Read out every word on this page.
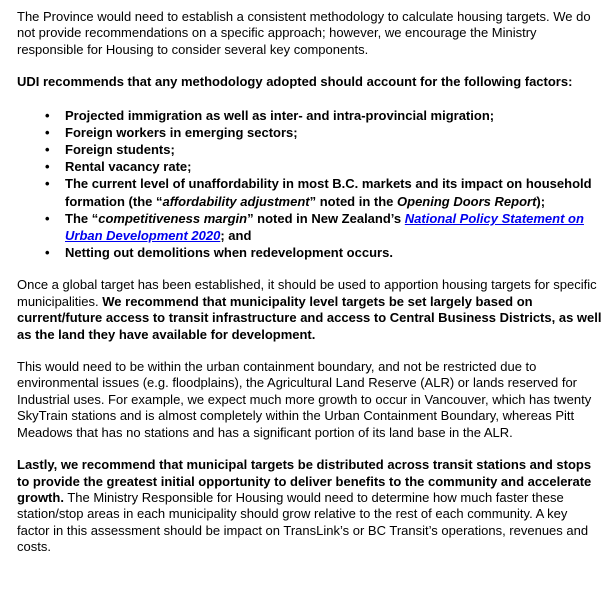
The Province would need to establish a consistent methodology to calculate housing targets. We do not provide recommendations on a specific approach; however, we encourage the Ministry responsible for Housing to consider several key components.

UDI recommends that any methodology adopted should account for the following factors:

•	Projected immigration as well as inter- and intra-provincial migration;
•	Foreign workers in emerging sectors;
•	Foreign students;
•	Rental vacancy rate;
•	The current level of unaffordability in most B.C. markets and its impact on household formation (the “affordability adjustment” noted in the Opening Doors Report);
•	The “competitiveness margin” noted in New Zealand’s National Policy Statement on Urban Development 2020; and
•	Netting out demolitions when redevelopment occurs.

Once a global target has been established, it should be used to apportion housing targets for specific municipalities. We recommend that municipality level targets be set largely based on current/future access to transit infrastructure and access to Central Business Districts, as well as the land they have available for development.

This would need to be within the urban containment boundary, and not be restricted due to environmental issues (e.g. floodplains), the Agricultural Land Reserve (ALR) or lands reserved for Industrial uses. For example, we expect much more growth to occur in Vancouver, which has twenty SkyTrain stations and is almost completely within the Urban Containment Boundary, whereas Pitt Meadows that has no stations and has a significant portion of its land base in the ALR.

Lastly, we recommend that municipal targets be distributed across transit stations and stops to provide the greatest initial opportunity to deliver benefits to the community and accelerate growth. The Ministry Responsible for Housing would need to determine how much faster these station/stop areas in each municipality should grow relative to the rest of each community. A key factor in this assessment should be impact on TransLink’s or BC Transit’s operations, revenues and costs.
